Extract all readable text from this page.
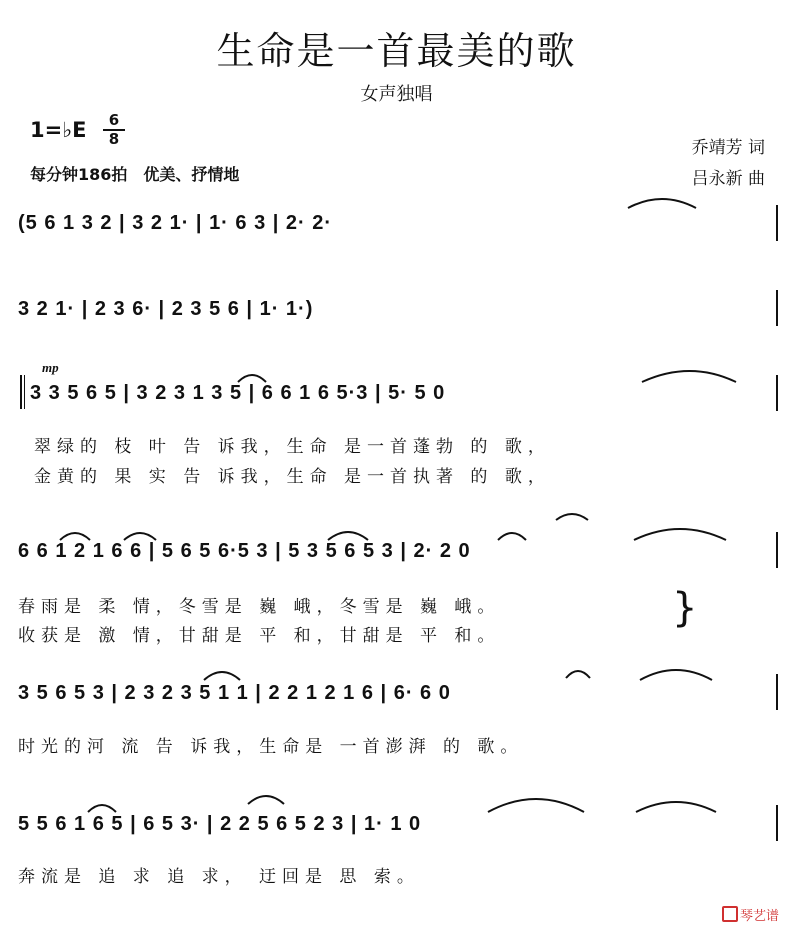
生命是一首最美的歌
女声独唱
1=♭E	6
8
每分钟186拍　优美、抒情地
乔靖芳 词
吕永新 曲
(5 6 1 3 2 | 3 2 1· | 1· 6 3 | 2· 2·
3 2 1· | 2 3 6· | 2 3 5 6 | 1· 1·)
mp
3 3 5 6 5 | 3 2 3 1 3 5 | 6 6 1 6 5·3 | 5· 5 0
翠绿的 枝 叶 告 诉我，生命 是一首蓬勃 的 歌，
金黄的 果 实 告 诉我，生命 是一首执著 的 歌，
6 6 1 2 1 6 6 | 5 6 5 6·5 3 | 5 3 5 6 5 3 | 2· 2 0
春雨是 柔 情，冬雪是 巍 峨，冬雪是 巍 峨。
收获是 激 情，甘甜是 平 和，甘甜是 平 和。
}
3 5 6 5 3 | 2 3 2 3 5 1 1 | 2 2 1 2 1 6 | 6· 6 0
时光的河 流 告 诉我，生命是 一首澎湃 的 歌。
5 5 6 1 6 5 | 6 5 3· | 2 2 5 6 5 2 3 | 1· 1 0
奔流是 追 求 追 求， 迂回是 思 索。
琴艺谱
